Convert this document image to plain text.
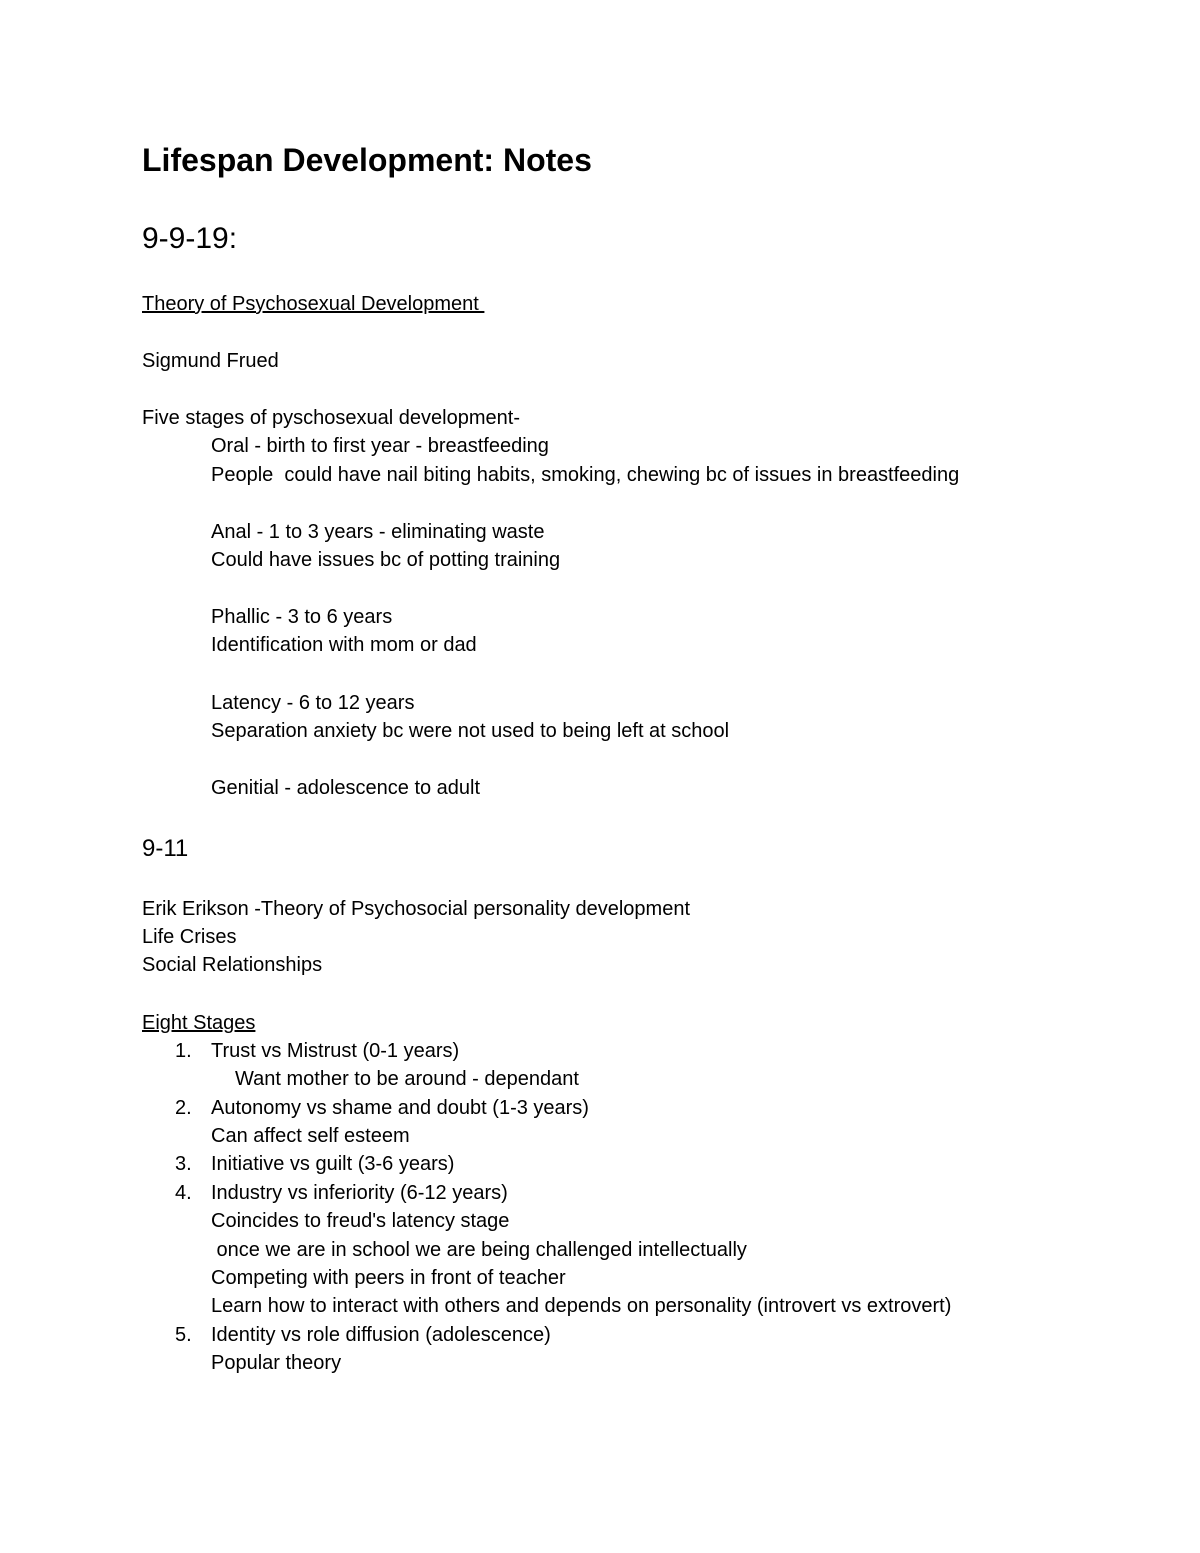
Lifespan Development: Notes
9-9-19:
Theory of Psychosexual Development
Sigmund Frued
Five stages of pyschosexual development-
Oral - birth to first year - breastfeeding
People  could have nail biting habits, smoking, chewing bc of issues in breastfeeding
Anal - 1 to 3 years - eliminating waste
Could have issues bc of potting training
Phallic - 3 to 6 years
Identification with mom or dad
Latency - 6 to 12 years
Separation anxiety bc were not used to being left at school
Genitial - adolescence to adult
9-11
Erik Erikson -Theory of Psychosocial personality development
Life Crises
Social Relationships
Eight Stages
1. Trust vs Mistrust (0-1 years)
Want mother to be around - dependant
2. Autonomy vs shame and doubt (1-3 years)
Can affect self esteem
3. Initiative vs guilt (3-6 years)
4. Industry vs inferiority (6-12 years)
Coincides to freud's latency stage
once we are in school we are being challenged intellectually
Competing with peers in front of teacher
Learn how to interact with others and depends on personality (introvert vs extrovert)
5. Identity vs role diffusion (adolescence)
Popular theory
